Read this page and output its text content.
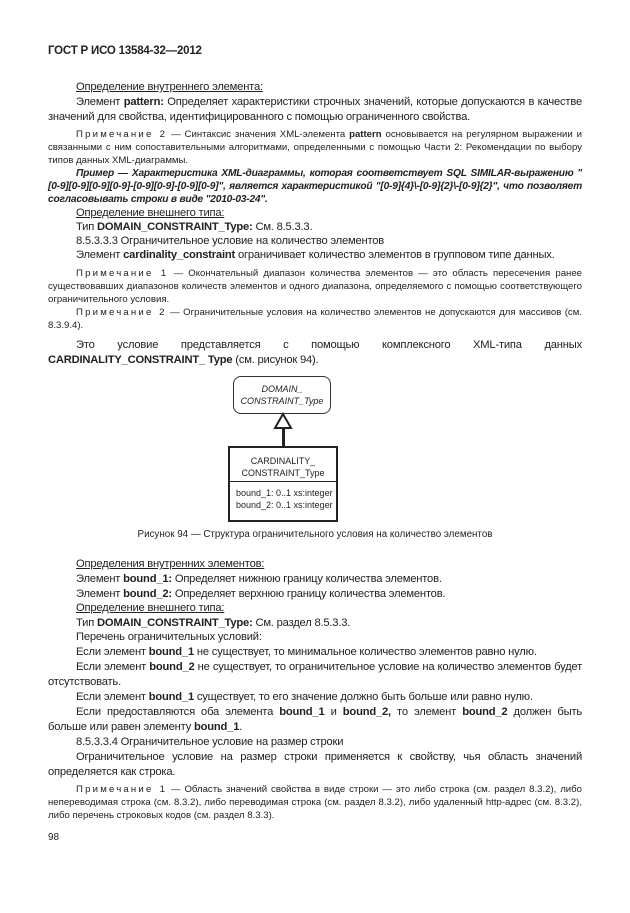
ГОСТ Р ИСО 13584-32—2012
Определение внутреннего элемента:
Элемент pattern: Определяет характеристики строчных значений, которые допускаются в качестве значений для свойства, идентифицированного с помощью ограниченного свойства.
Примечание 2 — Синтаксис значения XML-элемента pattern основывается на регулярном выражении и связанными с ним сопоставительными алгоритмами, определенными с помощью Части 2: Рекомендации по выбору типов данных XML-диаграммы.
Пример — Характеристика XML-диаграммы, которая соответствует SQL SIMILAR-выражению "[0-9][0-9][0-9][0-9]-[0-9][0-9]-[0-9][0-9]", является характеристикой "[0-9]{4}\-[0-9]{2}\-[0-9]{2}", что позволяет согласовывать строки в виде "2010-03-24".
Определение внешнего типа:
Тип DOMAIN_CONSTRAINT_Type: См. 8.5.3.3.
8.5.3.3.3 Ограничительное условие на количество элементов
Элемент cardinality_constraint ограничивает количество элементов в групповом типе данных.
Примечание 1 — Окончательный диапазон количества элементов — это область пересечения ранее существовавших диапазонов количеств элементов и одного диапазона, определяемого с помощью соответствующего ограничительного условия.
Примечание 2 — Ограничительные условия на количество элементов не допускаются для массивов (см. 8.3.9.4).
Это условие представляется с помощью комплексного XML-типа данных CARDINALITY_CONSTRAINT_ Type (см. рисунок 94).
DOMAIN_
CONSTRAINT_Type
CARDINALITY_
CONSTRAINT_Type
bound_1: 0..1 xs:integer
bound_2: 0..1 xs:integer
Рисунок 94 — Структура ограничительного условия на количество элементов
Определения внутренних элементов:
Элемент bound_1: Определяет нижнюю границу количества элементов.
Элемент bound_2: Определяет верхнюю границу количества элементов.
Определение внешнего типа:
Тип DOMAIN_CONSTRAINT_Type: См. раздел 8.5.3.3.
Перечень ограничительных условий:
Если элемент bound_1 не существует, то минимальное количество элементов равно нулю.
Если элемент bound_2 не существует, то ограничительное условие на количество элементов будет отсутствовать.
Если элемент bound_1 существует, то его значение должно быть больше или равно нулю.
Если предоставляются оба элемента bound_1 и bound_2, то элемент bound_2 должен быть больше или равен элементу bound_1.
8.5.3.3.4 Ограничительное условие на размер строки
Ограничительное условие на размер строки применяется к свойству, чья область значений определяется как строка.
Примечание 1 — Область значений свойства в виде строки — это либо строка (см. раздел 8.3.2), либо непереводимая строка (см. 8.3.2), либо переводимая строка (см. раздел 8.3.2), либо удаленный http-адрес (см. 8.3.2), либо перечень строковых кодов (см. раздел 8.3.3).
98
